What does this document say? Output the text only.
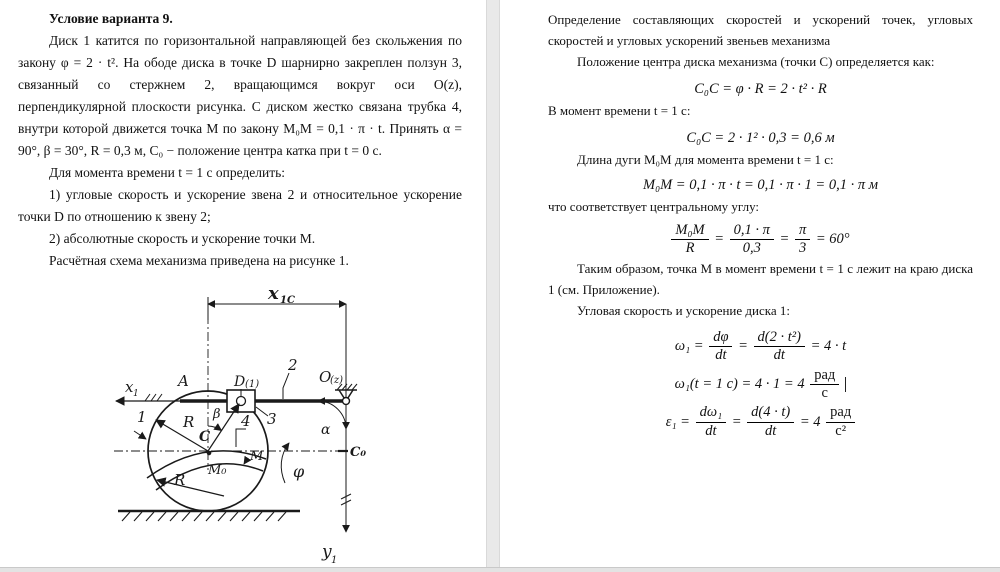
Условие варианта 9.

Диск 1 катится по горизонтальной направляющей без скольжения по закону φ = 2 · t². На ободе диска в точке D шарнирно закреплен ползун 3, связанный со стержнем 2, вращающимся вокруг оси O(z), перпендикулярной плоскости рисунка. С диском жестко связана трубка 4, внутри которой движется точка M по закону M₀M = 0,1 · π · t. Принять α = 90°, β = 30°, R = 0,3 м, C₀ − положение центра катка при t = 0 с.

Для момента времени t = 1 с определить:

1) угловые скорость и ускорение звена 2 и относительное ускорение точки D по отношению к звену 2;

2) абсолютные скорость и ускорение точки M.

Расчётная схема механизма приведена на рисунке 1.

x 1C
y 1
x 1
O
(z)
D (1)
R
R
β
α
φ
C
C₀
M₀
M
A
1
2
3
4

Определение составляющих скоростей и ускорений точек, угловых скоростей и угловых ускорений звеньев механизма

Положение центра диска механизма (точки C) определяется как:

C₀C = φ · R = 2 · t² · R

В момент времени t = 1 с:

C₀C = 2 · 1² · 0,3 = 0,6 м

Длина дуги M₀M для момента времени t = 1 с:

M₀M = 0,1 · π · t = 0,1 · π · 1 = 0,1 · π м

что соответствует центральному углу:

$\frac{\text{M₀M}}{R} = \frac{0,1 \cdot \pi}{0,3} = \frac{\pi}{3} = 60^\circ$

Таким образом, точка M в момент времени t = 1 с лежит на краю диска 1 (см. Приложение).

Угловая скорость и ускорение диска 1:

$\omega_1 = \frac{d\varphi}{dt} = \frac{\text{d(2 · t²)}}{dt} = 4 \cdot t$
ω₁(t = 1 $с) = 4 \cdot 1 = 4 \frac{\text{рад}}{с}$

$\varepsilon_1 = \frac{\text{dω₁}}{dt} = \frac{d(4 \cdot t)}{dt} = 4 \frac{\text{рад}}{\text{с²}}$
